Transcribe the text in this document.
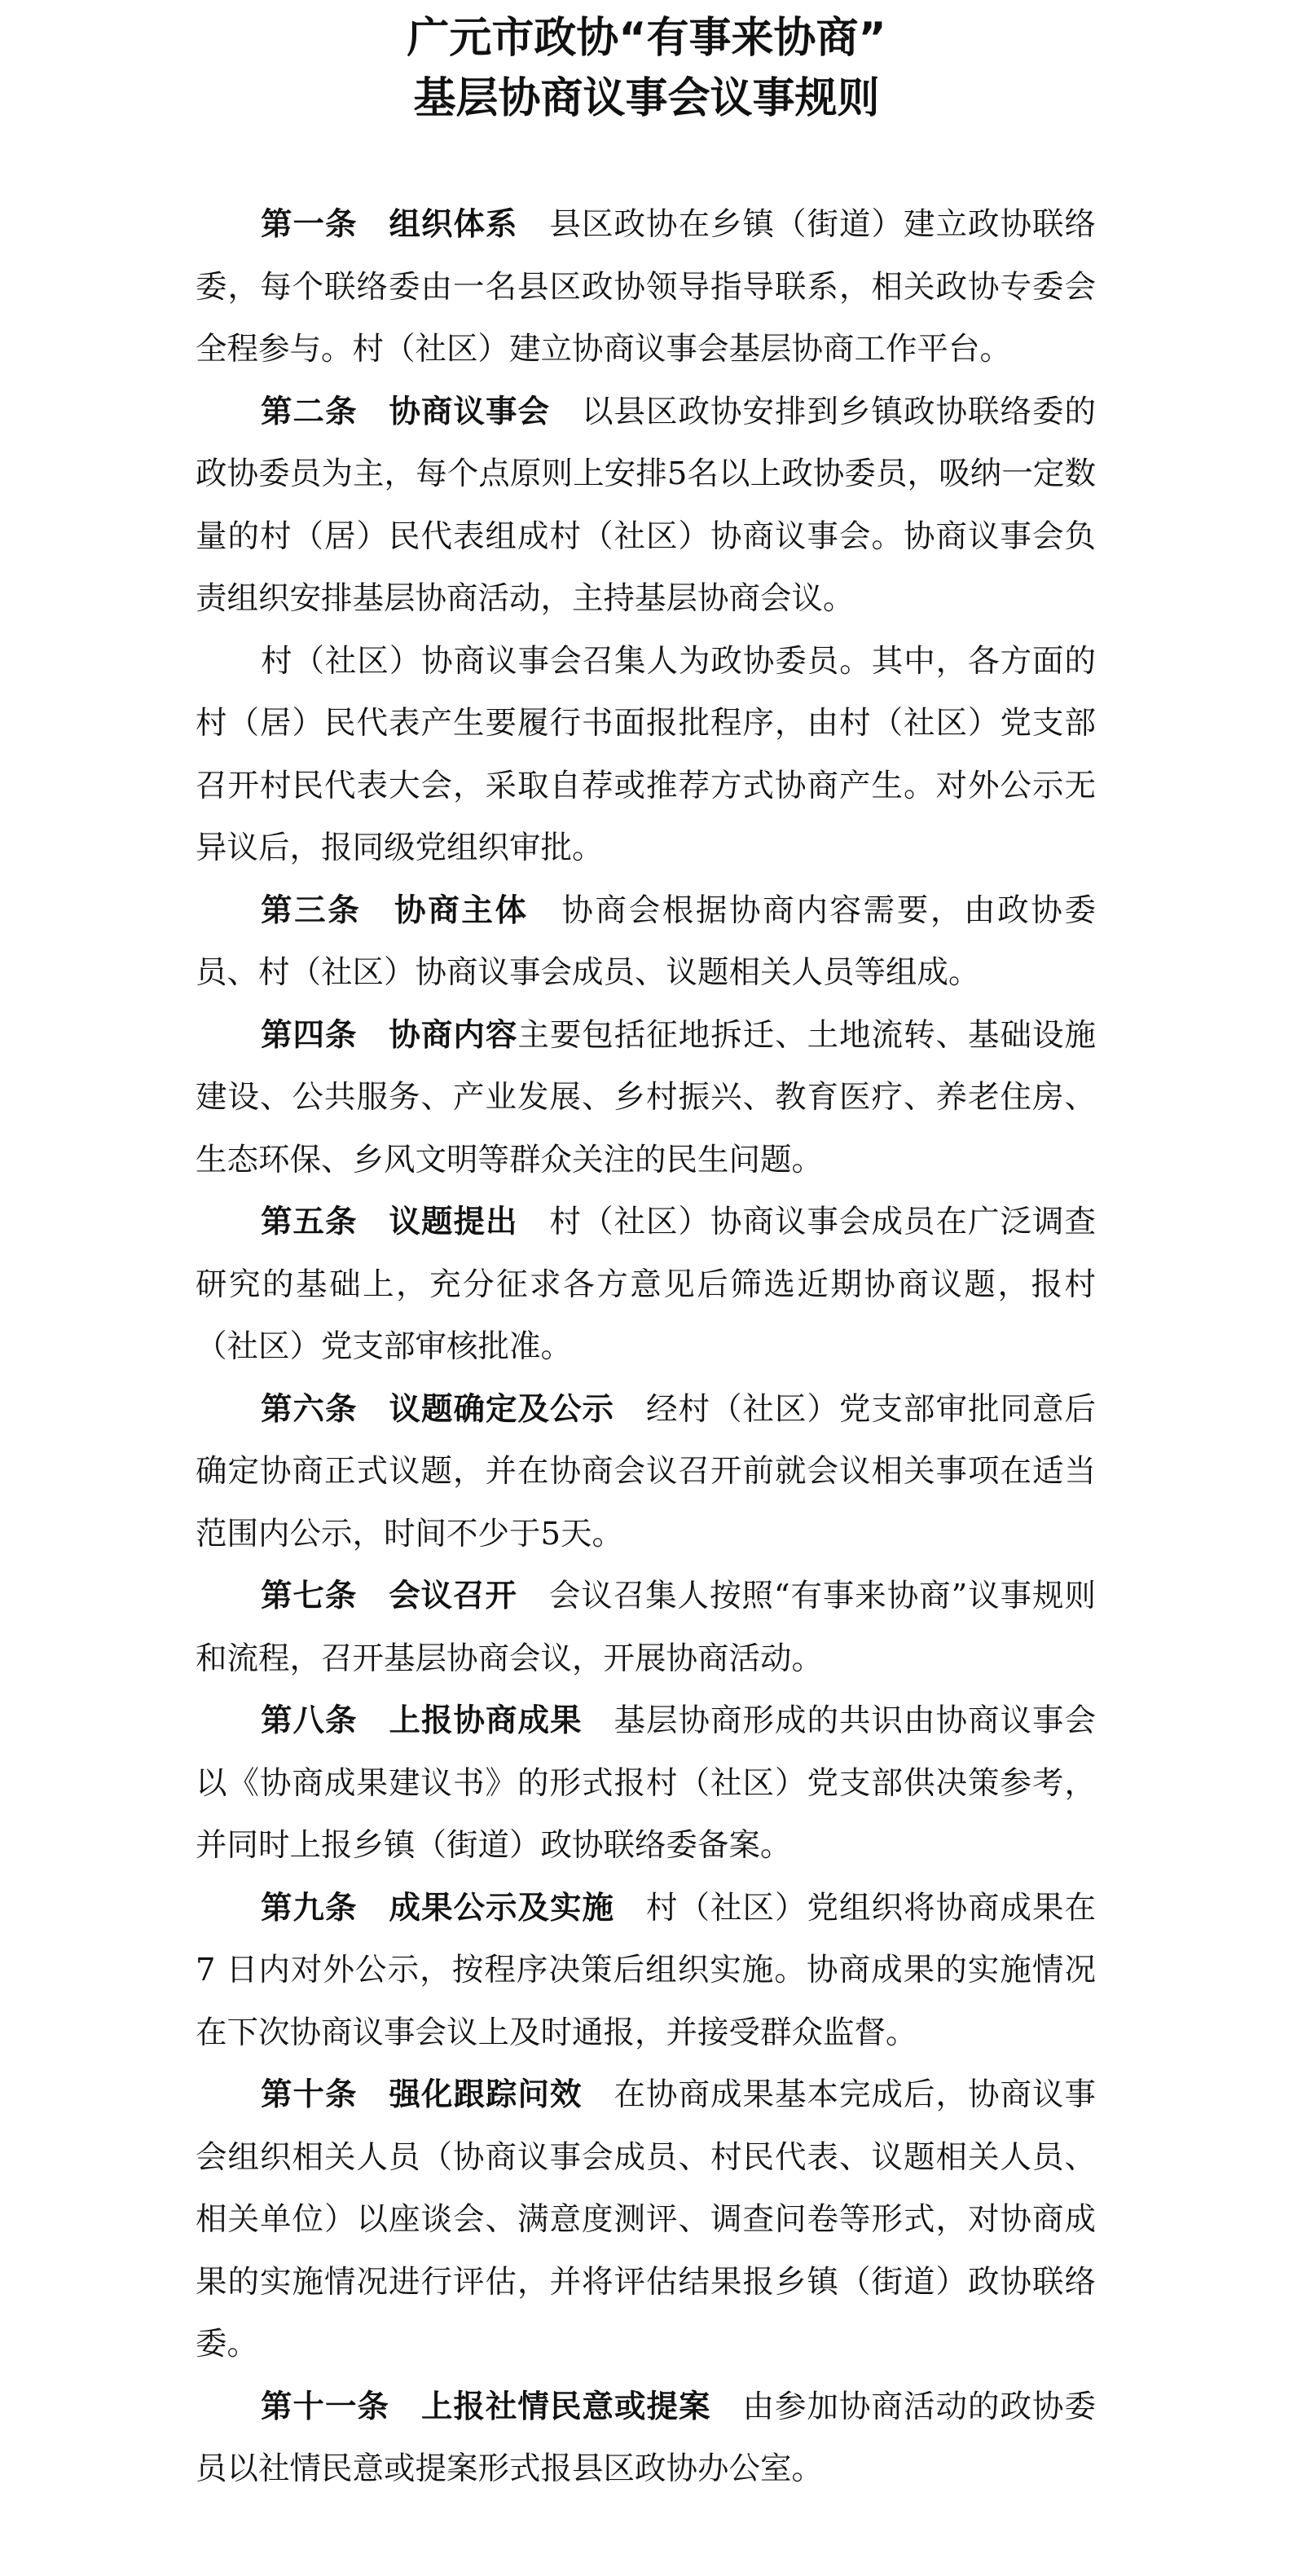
广元市政协“有事来协商”
基层协商议事会议事规则

第一条 组织体系 县区政协在乡镇（街道）建立政协联络委，每个联络委由一名县区政协领导指导联系，相关政协专委会全程参与。村（社区）建立协商议事会基层协商工作平台。

第二条 协商议事会 以县区政协安排到乡镇政协联络委的政协委员为主，每个点原则上安排5名以上政协委员，吸纳一定数量的村（居）民代表组成村（社区）协商议事会。协商议事会负责组织安排基层协商活动，主持基层协商会议。

村（社区）协商议事会召集人为政协委员。其中，各方面的村（居）民代表产生要履行书面报批程序，由村（社区）党支部召开村民代表大会，采取自荐或推荐方式协商产生。对外公示无异议后，报同级党组织审批。

第三条 协商主体 协商会根据协商内容需要，由政协委员、村（社区）协商议事会成员、议题相关人员等组成。

第四条 协商内容主要包括征地拆迁、土地流转、基础设施建设、公共服务、产业发展、乡村振兴、教育医疗、养老住房、生态环保、乡风文明等群众关注的民生问题。

第五条 议题提出 村（社区）协商议事会成员在广泛调查研究的基础上，充分征求各方意见后筛选近期协商议题，报村（社区）党支部审核批准。

第六条 议题确定及公示 经村（社区）党支部审批同意后确定协商正式议题，并在协商会议召开前就会议相关事项在适当范围内公示，时间不少于5天。

第七条 会议召开 会议召集人按照“有事来协商”议事规则和流程，召开基层协商会议，开展协商活动。

第八条 上报协商成果 基层协商形成的共识由协商议事会以《协商成果建议书》的形式报村（社区）党支部供决策参考，并同时上报乡镇（街道）政协联络委备案。

第九条 成果公示及实施 村（社区）党组织将协商成果在 7 日内对外公示，按程序决策后组织实施。协商成果的实施情况在下次协商议事会议上及时通报，并接受群众监督。

第十条 强化跟踪问效 在协商成果基本完成后，协商议事会组织相关人员（协商议事会成员、村民代表、议题相关人员、相关单位）以座谈会、满意度测评、调查问卷等形式，对协商成果的实施情况进行评估，并将评估结果报乡镇（街道）政协联络委。

第十一条 上报社情民意或提案 由参加协商活动的政协委员以社情民意或提案形式报县区政协办公室。
